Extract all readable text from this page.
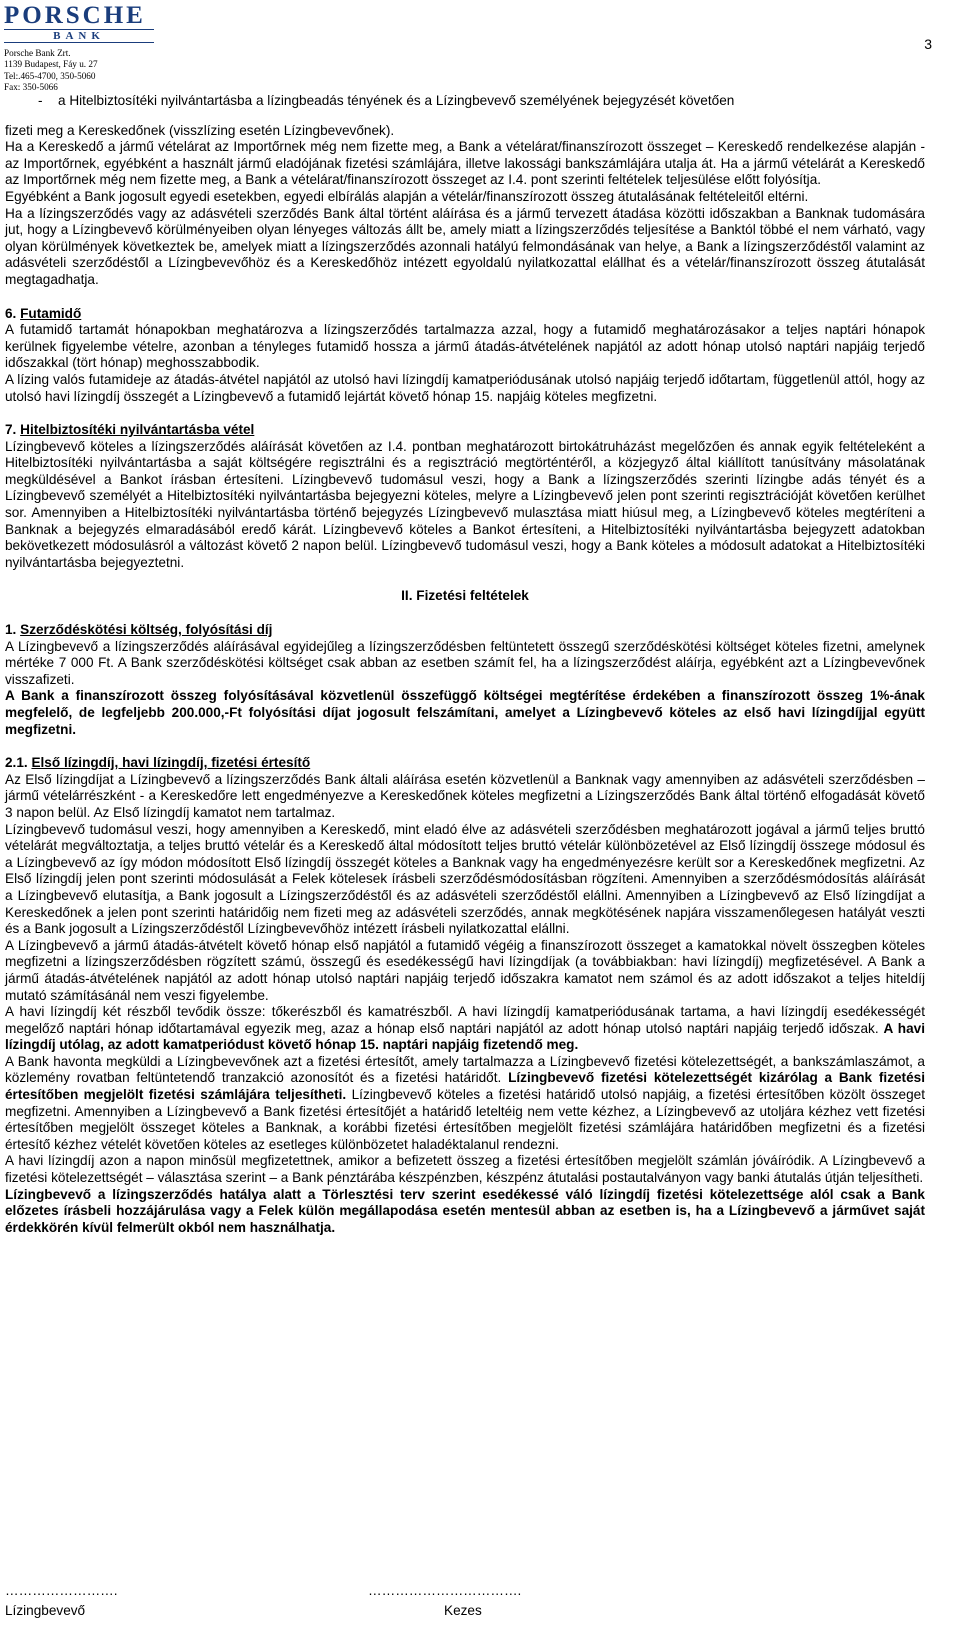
PORSCHE
BANK
Porsche Bank Zrt.
1139 Budapest, Fáy u. 27
Tel:.465-4700, 350-5060
Fax: 350-5066
3
-	a Hitelbiztosítéki nyilvántartásba a lízingbeadás tényének és a Lízingbevevő személyének bejegyzését követően

fizeti meg a Kereskedőnek (visszlízing esetén Lízingbevevőnek).

Ha a Kereskedő a jármű vételárat az Importőrnek még nem fizette meg, a Bank a vételárat/finanszírozott összeget – Kereskedő rendelkezése alapján - az Importőrnek, egyébként a használt jármű eladójának fizetési számlájára, illetve lakossági bankszámlájára utalja át. Ha a jármű vételárát a Kereskedő az Importőrnek még nem fizette meg, a Bank a vételárat/finanszírozott összeget az I.4. pont szerinti feltételek teljesülése előtt folyósítja.

Egyébként a Bank jogosult egyedi esetekben, egyedi elbírálás alapján a vételár/finanszírozott összeg átutalásának feltételeitől eltérni.

Ha a lízingszerződés vagy az adásvételi szerződés Bank által történt aláírása és a jármű tervezett átadása közötti időszakban a Banknak tudomására jut, hogy a Lízingbevevő körülményeiben olyan lényeges változás állt be, amely miatt a lízingszerződés teljesítése a Banktól többé el nem várható, vagy olyan körülmények következtek be, amelyek miatt a lízingszerződés azonnali hatályú felmondásának van helye, a Bank a lízingszerződéstől valamint az adásvételi szerződéstől a Lízingbevevőhöz és a Kereskedőhöz intézett egyoldalú nyilatkozattal elállhat és a vételár/finanszírozott összeg átutalását megtagadhatja.

6. Futamidő

A futamidő tartamát hónapokban meghatározva a lízingszerződés tartalmazza azzal, hogy a futamidő meghatározásakor a teljes naptári hónapok kerülnek figyelembe vételre, azonban a tényleges futamidő hossza a jármű átadás-átvételének napjától az adott hónap utolsó naptári napjáig terjedő időszakkal (tört hónap) meghosszabbodik.

A lízing valós futamideje az átadás-átvétel napjától az utolsó havi lízingdíj kamatperiódusának utolsó napjáig terjedő időtartam, függetlenül attól, hogy az utolsó havi lízingdíj összegét a Lízingbevevő a futamidő lejártát követő hónap 15. napjáig köteles megfizetni.

7. Hitelbiztosítéki nyilvántartásba vétel

Lízingbevevő köteles a lízingszerződés aláírását követően az I.4. pontban meghatározott birtokátruházást megelőzően és annak egyik feltételeként a Hitelbiztosítéki nyilvántartásba a saját költségére regisztrálni és a regisztráció megtörténtéről, a közjegyző által kiállított tanúsítvány másolatának megküldésével a Bankot írásban értesíteni. Lízingbevevő tudomásul veszi, hogy a Bank a lízingszerződés szerinti lízingbe adás tényét és a Lízingbevevő személyét a Hitelbiztosítéki nyilvántartásba bejegyezni köteles, melyre a Lízingbevevő jelen pont szerinti regisztrációját követően kerülhet sor. Amennyiben a Hitelbiztosítéki nyilvántartásba történő bejegyzés Lízingbevevő mulasztása miatt hiúsul meg, a Lízingbevevő köteles megtéríteni a Banknak a bejegyzés elmaradásából eredő kárát. Lízingbevevő köteles a Bankot értesíteni, a Hitelbiztosítéki nyilvántartásba bejegyzett adatokban bekövetkezett módosulásról a változást követő 2 napon belül. Lízingbevevő tudomásul veszi, hogy a Bank köteles a módosult adatokat a Hitelbiztosítéki nyilvántartásba bejegyeztetni.

II. Fizetési feltételek

1. Szerződéskötési költség, folyósítási díj

A Lízingbevevő a lízingszerződés aláírásával egyidejűleg a lízingszerződésben feltüntetett összegű szerződéskötési költséget köteles fizetni, amelynek mértéke 7 000 Ft. A Bank szerződéskötési költséget csak abban az esetben számít fel, ha a lízingszerződést aláírja, egyébként azt a Lízingbevevőnek visszafizeti.

A Bank a finanszírozott összeg folyósításával közvetlenül összefüggő költségei megtérítése érdekében a finanszírozott összeg 1%-ának megfelelő, de legfeljebb 200.000,-Ft folyósítási díjat jogosult felszámítani, amelyet a Lízingbevevő köteles az első havi lízingdíjjal együtt megfizetni.

2.1. Első lízingdíj, havi lízingdíj, fizetési értesítő

Az Első lízingdíjat a Lízingbevevő a lízingszerződés Bank általi aláírása esetén közvetlenül a Banknak vagy amennyiben az adásvételi szerződésben – jármű vételárrészként - a Kereskedőre lett engedményezve a Kereskedőnek köteles megfizetni a Lízingszerződés Bank által történő elfogadását követő 3 napon belül. Az Első lízingdíj kamatot nem tartalmaz.

Lízingbevevő tudomásul veszi, hogy amennyiben a Kereskedő, mint eladó élve az adásvételi szerződésben meghatározott jogával a jármű teljes bruttó vételárát megváltoztatja, a teljes bruttó vételár és a Kereskedő által módosított teljes bruttó vételár különbözetével az Első lízingdíj összege módosul és a Lízingbevevő az így módon módosított Első lízingdíj összegét köteles a Banknak vagy ha engedményezésre került sor a Kereskedőnek megfizetni. Az Első lízingdíj jelen pont szerinti módosulását a Felek kötelesek írásbeli szerződésmódosításban rögzíteni. Amennyiben a szerződésmódosítás aláírását a Lízingbevevő elutasítja, a Bank jogosult a Lízingszerződéstől és az adásvételi szerződéstől elállni. Amennyiben a Lízingbevevő az Első lízingdíjat a Kereskedőnek a jelen pont szerinti határidőig nem fizeti meg az adásvételi szerződés, annak megkötésének napjára visszamenőlegesen hatályát veszti és a Bank jogosult a Lízingszerződéstől Lízingbevevőhöz intézett írásbeli nyilatkozattal elállni.

A Lízingbevevő a jármű átadás-átvételt követő hónap első napjától a futamidő végéig a finanszírozott összeget a kamatokkal növelt összegben köteles megfizetni a lízingszerződésben rögzített számú, összegű és esedékességű havi lízingdíjak (a továbbiakban: havi lízingdíj) megfizetésével. A Bank a jármű átadás-átvételének napjától az adott hónap utolsó naptári napjáig terjedő időszakra kamatot nem számol és az adott időszakot a teljes hiteldíj mutató számításánál nem veszi figyelembe.

A havi lízingdíj két részből tevődik össze: tőkerészből és kamatrészből. A havi lízingdíj kamatperiódusának tartama, a havi lízingdíj esedékességét megelőző naptári hónap időtartamával egyezik meg, azaz a hónap első naptári napjától az adott hónap utolsó naptári napjáig terjedő időszak. A havi lízingdíj utólag, az adott kamatperiódust követő hónap 15. naptári napjáig fizetendő meg.

A Bank havonta megküldi a Lízingbevevőnek azt a fizetési értesítőt, amely tartalmazza a Lízingbevevő fizetési kötelezettségét, a bankszámlaszámot, a közlemény rovatban feltüntetendő tranzakció azonosítót és a fizetési határidőt. Lízingbevevő fizetési kötelezettségét kizárólag a Bank fizetési értesítőben megjelölt fizetési számlájára teljesítheti. Lízingbevevő köteles a fizetési határidő utolsó napjáig, a fizetési értesítőben közölt összeget megfizetni. Amennyiben a Lízingbevevő a Bank fizetési értesítőjét a határidő leteltéig nem vette kézhez, a Lízingbevevő az utoljára kézhez vett fizetési értesítőben megjelölt összeget köteles a Banknak, a korábbi fizetési értesítőben megjelölt fizetési számlájára határidőben megfizetni és a fizetési értesítő kézhez vételét követően köteles az esetleges különbözetet haladéktalanul rendezni.

A havi lízingdíj azon a napon minősül megfizetettnek, amikor a befizetett összeg a fizetési értesítőben megjelölt számlán jóváíródik. A Lízingbevevő a fizetési kötelezettségét – választása szerint – a Bank pénztárába készpénzben, készpénz átutalási postautalványon vagy banki átutalás útján teljesítheti.

Lízingbevevő a lízingszerződés hatálya alatt a Törlesztési terv szerint esedékessé váló lízingdíj fizetési kötelezettsége alól csak a Bank előzetes írásbeli hozzájárulása vagy a Felek külön megállapodása esetén mentesül abban az esetben is, ha a Lízingbevevő a járművet saját érdekkörén kívül felmerült okból nem használhatja.

…………………….
Lízingbevevő
…………………………….
Kezes
